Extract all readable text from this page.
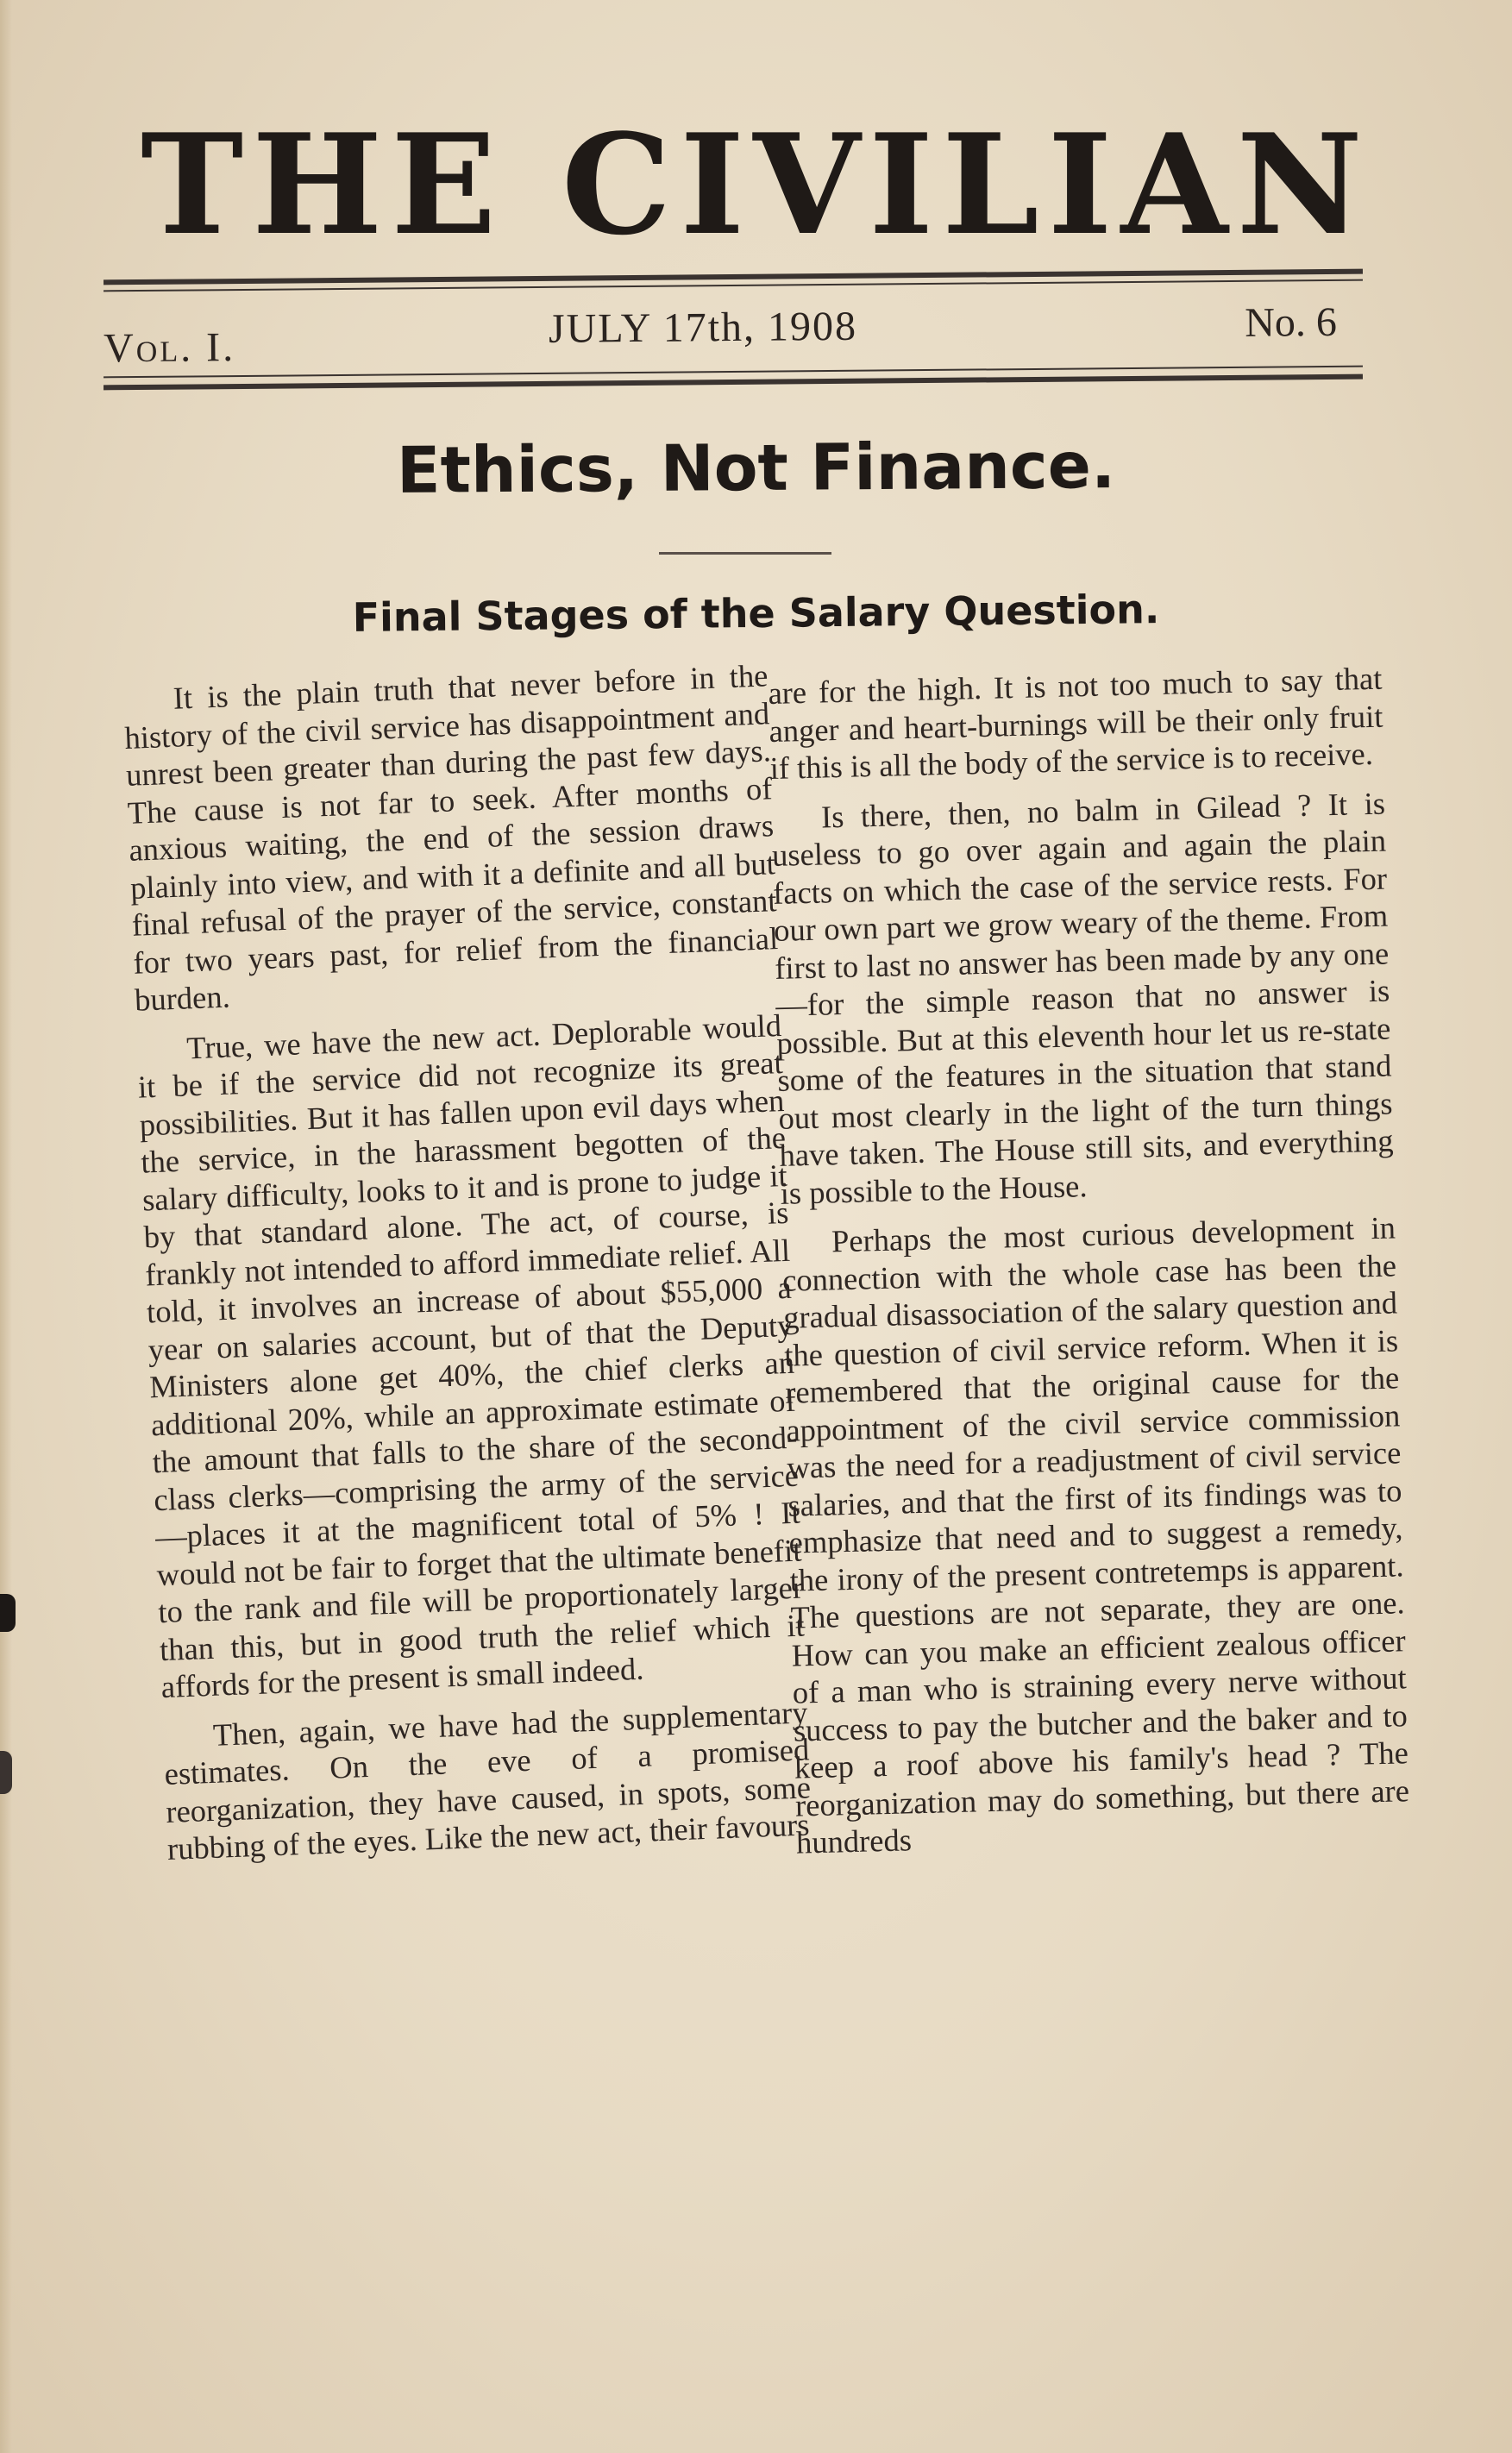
THE CIVILIAN
Vol. I.	JULY 17th, 1908	No. 6
Ethics, Not Finance.
Final Stages of the Salary Question.

It is the plain truth that never before in the history of the civil service has disappointment and unrest been greater than during the past few days. The cause is not far to seek. After months of anxious waiting, the end of the session draws plainly into view, and with it a definite and all but final refusal of the prayer of the service, constant for two years past, for relief from the financial burden.

True, we have the new act. Deplorable would it be if the service did not recognize its great possibilities. But it has fallen upon evil days when the service, in the harassment begotten of the salary difficulty, looks to it and is prone to judge it by that standard alone. The act, of course, is frankly not intended to afford immediate relief. All told, it involves an increase of about $55,000 a year on salaries account, but of that the Deputy Ministers alone get 40%, the chief clerks an additional 20%, while an approximate estimate of the amount that falls to the share of the second-class clerks—comprising the army of the service—places it at the magnificent total of 5% ! It would not be fair to forget that the ultimate benefit to the rank and file will be proportionately larger than this, but in good truth the relief which it affords for the present is small indeed.

Then, again, we have had the supplementary estimates. On the eve of a promised reorganization, they have caused, in spots, some rubbing of the eyes. Like the new act, their favours

are for the high. It is not too much to say that anger and heart-burnings will be their only fruit if this is all the body of the service is to receive.

Is there, then, no balm in Gilead ? It is useless to go over again and again the plain facts on which the case of the service rests. For our own part we grow weary of the theme. From first to last no answer has been made by any one—for the simple reason that no answer is possible. But at this eleventh hour let us re-state some of the features in the situation that stand out most clearly in the light of the turn things have taken. The House still sits, and everything is possible to the House.

Perhaps the most curious development in connection with the whole case has been the gradual disassociation of the salary question and the question of civil service reform. When it is remembered that the original cause for the appointment of the civil service commission was the need for a readjustment of civil service salaries, and that the first of its findings was to emphasize that need and to suggest a remedy, the irony of the present contretemps is apparent. The questions are not separate, they are one. How can you make an efficient zealous officer of a man who is straining every nerve without success to pay the butcher and the baker and to keep a roof above his family's head ? The reorganization may do something, but there are hundreds
